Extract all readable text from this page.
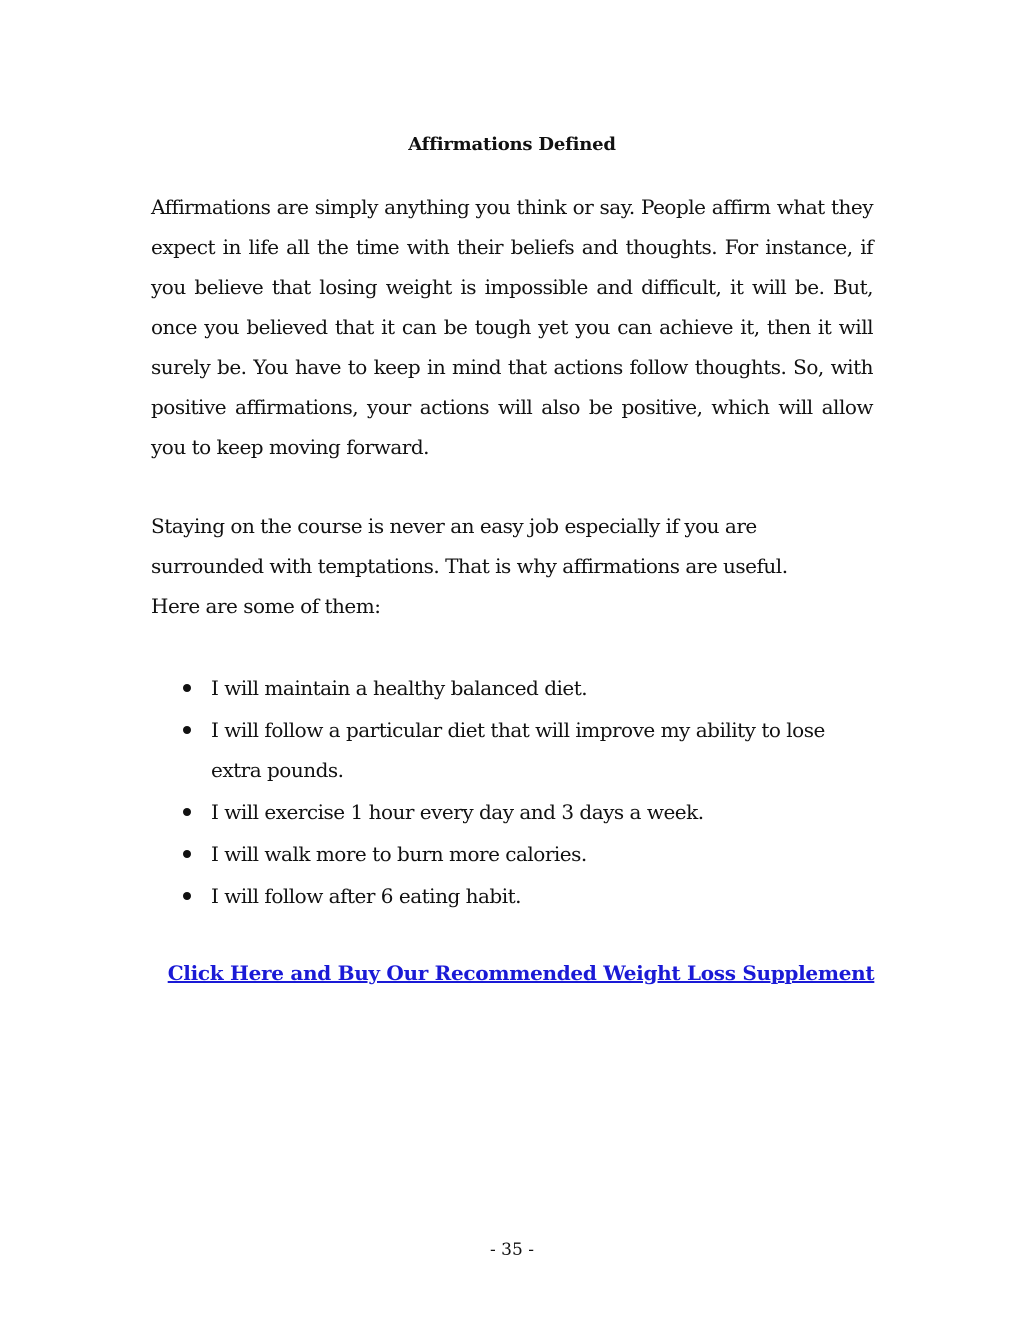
Affirmations Defined

Affirmations are simply anything you think or say. People affirm what they expect in life all the time with their beliefs and thoughts. For instance, if you believe that losing weight is impossible and difficult, it will be. But, once you believed that it can be tough yet you can achieve it, then it will surely be. You have to keep in mind that actions follow thoughts. So, with positive affirmations, your actions will also be positive, which will allow you to keep moving forward.

Staying on the course is never an easy job especially if you are
surrounded with temptations. That is why affirmations are useful.
Here are some of them:

I will maintain a healthy balanced diet.
I will follow a particular diet that will improve my ability to lose extra pounds.
I will exercise 1 hour every day and 3 days a week.
I will walk more to burn more calories.
I will follow after 6 eating habit.
Click Here and Buy Our Recommended Weight Loss Supplement
- 35 -
